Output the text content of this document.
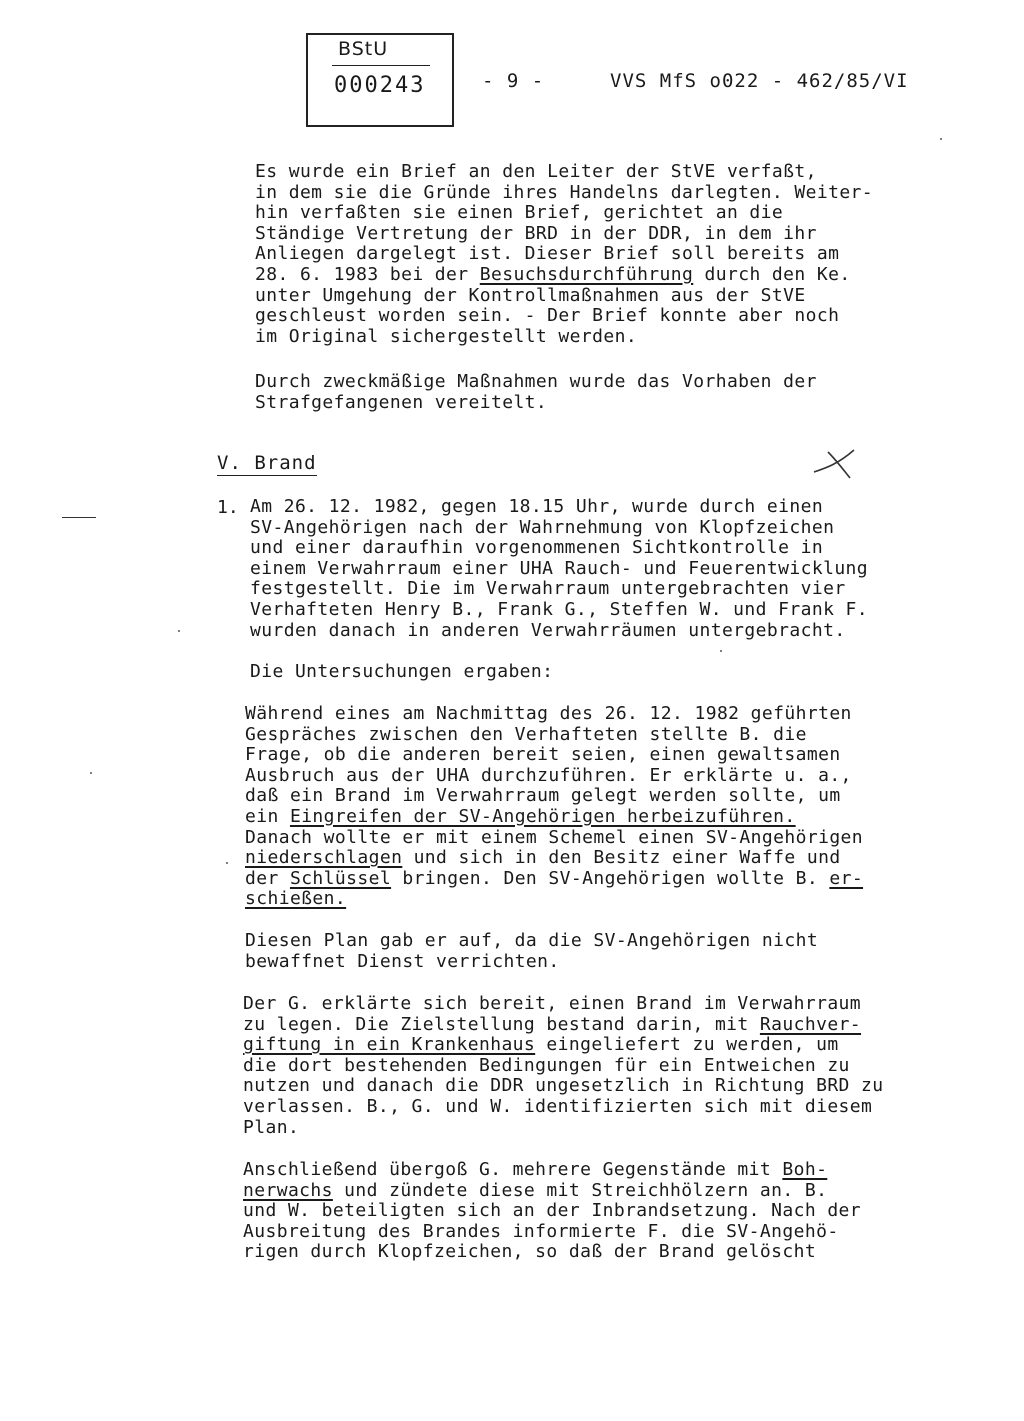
BStU
000243	- 9 -	VVS MfS o022 - 462/85/VI
Es wurde ein Brief an den Leiter der StVE verfaßt,
in dem sie die Gründe ihres Handelns darlegten. Weiter-
hin verfaßten sie einen Brief, gerichtet an die
Ständige Vertretung der BRD in der DDR, in dem ihr
Anliegen dargelegt ist. Dieser Brief soll bereits am
28. 6. 1983 bei der Besuchsdurchführung durch den Ke.
unter Umgehung der Kontrollmaßnahmen aus der StVE
geschleust worden sein. - Der Brief konnte aber noch
im Original sichergestellt werden.
Durch zweckmäßige Maßnahmen wurde das Vorhaben der
Strafgefangenen vereitelt.
V. Brand
1. Am 26. 12. 1982, gegen 18.15 Uhr, wurde durch einen
SV-Angehörigen nach der Wahrnehmung von Klopfzeichen
und einer daraufhin vorgenommenen Sichtkontrolle in
einem Verwahrraum einer UHA Rauch- und Feuerentwicklung
festgestellt. Die im Verwahrraum untergebrachten vier
Verhafteten Henry B., Frank G., Steffen W. und Frank F.
wurden danach in anderen Verwahrräumen untergebracht.
Die Untersuchungen ergaben:
Während eines am Nachmittag des 26. 12. 1982 geführten
Gespräches zwischen den Verhafteten stellte B. die
Frage, ob die anderen bereit seien, einen gewaltsamen
Ausbruch aus der UHA durchzuführen. Er erklärte u. a.,
daß ein Brand im Verwahrraum gelegt werden sollte, um
ein Eingreifen der SV-Angehörigen herbeizuführen.
Danach wollte er mit einem Schemel einen SV-Angehörigen
niederschlagen und sich in den Besitz einer Waffe und
der Schlüssel bringen. Den SV-Angehörigen wollte B. er-
schießen.
Diesen Plan gab er auf, da die SV-Angehörigen nicht
bewaffnet Dienst verrichten.
Der G. erklärte sich bereit, einen Brand im Verwahrraum
zu legen. Die Zielstellung bestand darin, mit Rauchver-
giftung in ein Krankenhaus eingeliefert zu werden, um
die dort bestehenden Bedingungen für ein Entweichen zu
nutzen und danach die DDR ungesetzlich in Richtung BRD zu
verlassen. B., G. und W. identifizierten sich mit diesem
Plan.
Anschließend übergoß G. mehrere Gegenstände mit Boh-
nerwachs und zündete diese mit Streichhölzern an. B.
und W. beteiligten sich an der Inbrandsetzung. Nach der
Ausbreitung des Brandes informierte F. die SV-Angehö-
rigen durch Klopfzeichen, so daß der Brand gelöscht
